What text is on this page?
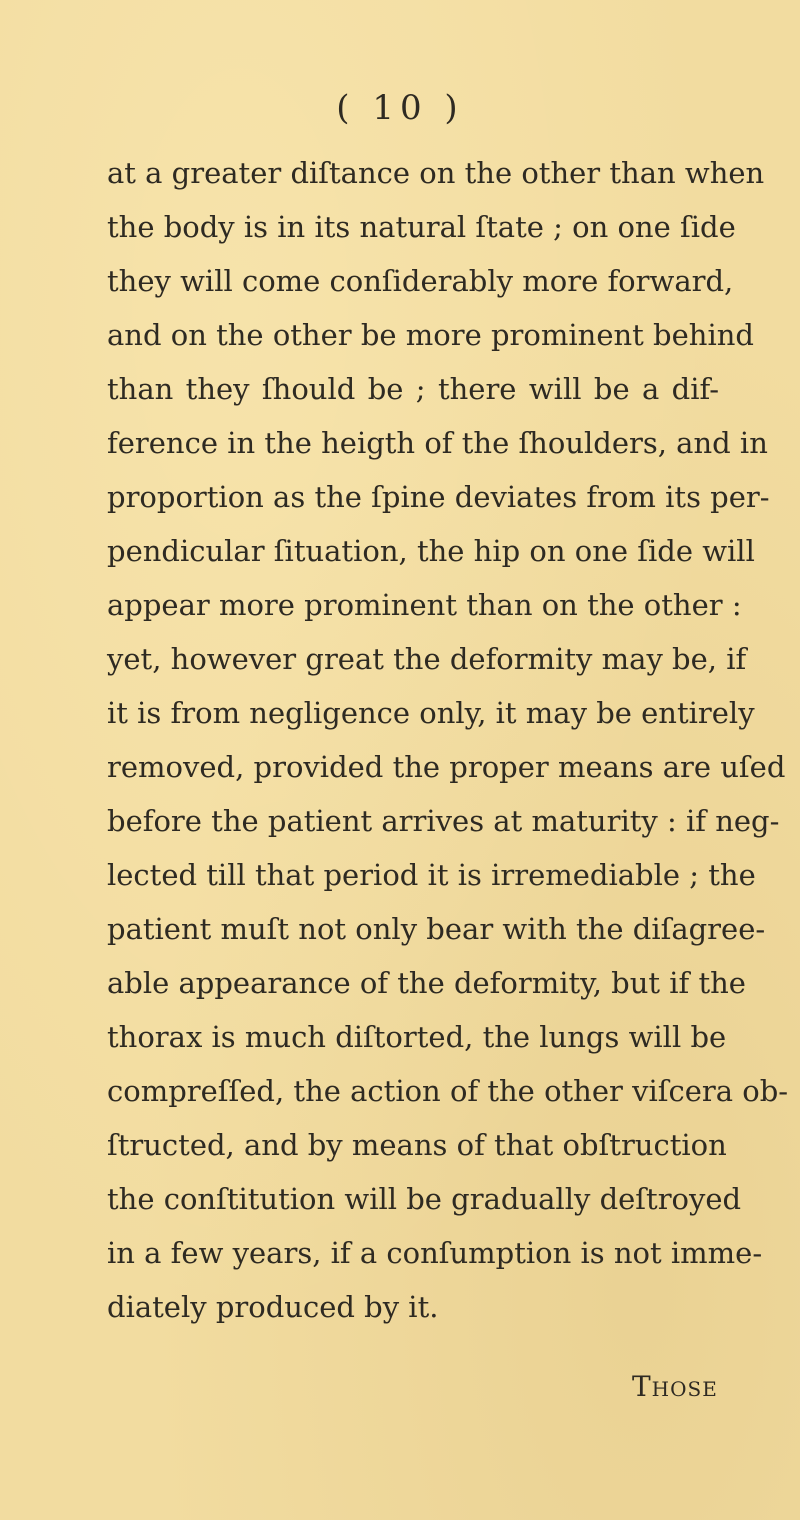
( 10 )
at a greater diſtance on the other than when
the body is in its natural ſtate ; on one ſide
they will come conſiderably more forward,
and on the other be more prominent behind
than they ſhould be ; there will be a dif-
ference in the heigth of the ſhoulders, and in
proportion as the ſpine deviates from its per-
pendicular ſituation, the hip on one ſide will
appear more prominent than on the other :
yet, however great the deformity may be, if
it is from negligence only, it may be entirely
removed, provided the proper means are uſed
before the patient arrives at maturity : if neg-
lected till that period it is irremediable ; the
patient muſt not only bear with the diſagree-
able appearance of the deformity, but if the
thorax is much diſtorted, the lungs will be
compreſſed, the action of the other viſcera ob-
ſtructed, and by means of that obſtruction
the conſtitution will be gradually deſtroyed
in a few years, if a conſumption is not imme-
diately produced by it.
Those
